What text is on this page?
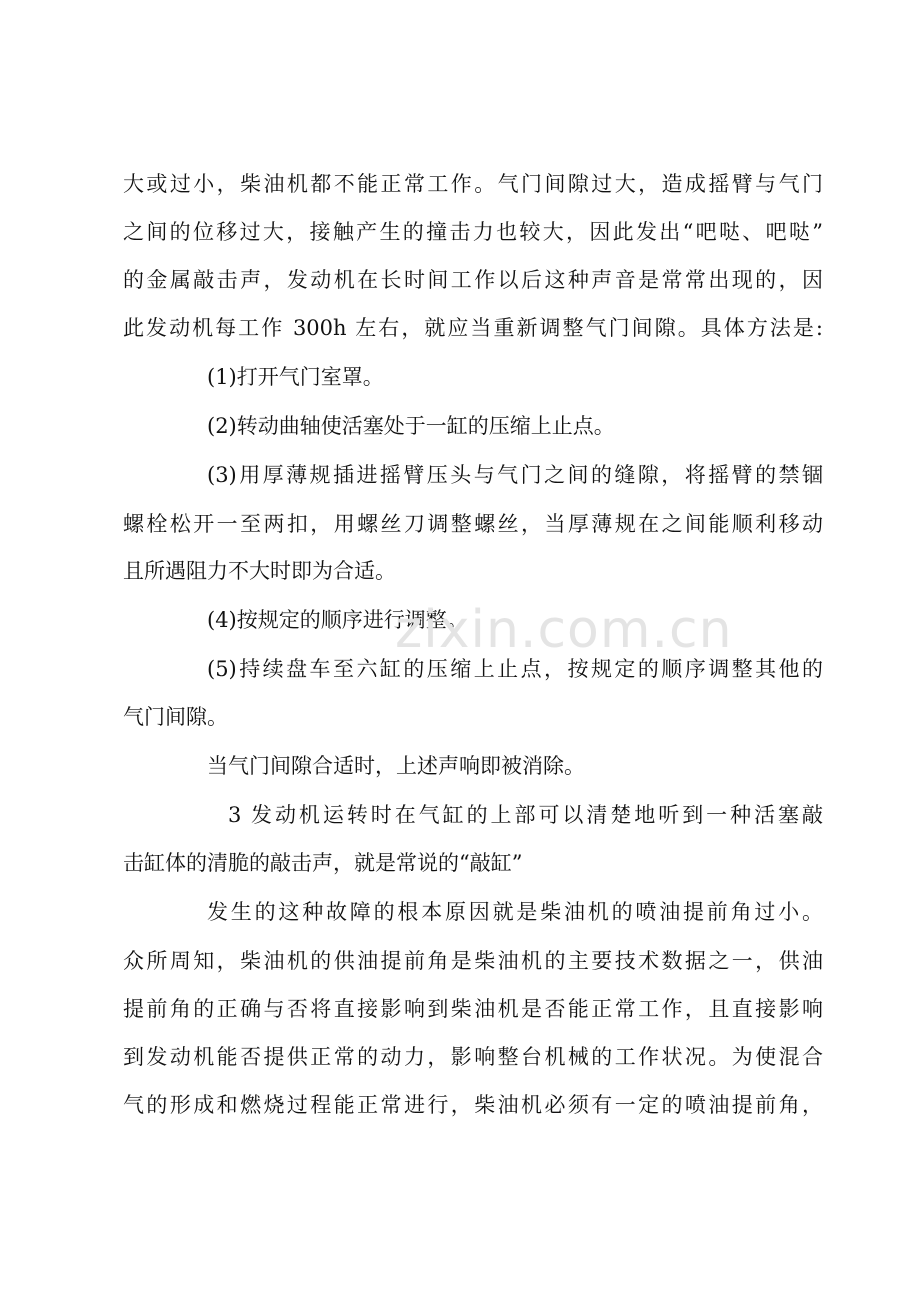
大或过小，柴油机都不能正常工作。气门间隙过大，造成摇臂与气门
之间的位移过大，接触产生的撞击力也较大，因此发出“吧哒、吧哒”
的金属敲击声，发动机在长时间工作以后这种声音是常常出现的，因
此发动机每工作 300h 左右，就应当重新调整气门间隙。具体方法是:
(1)打开气门室罩。
(2)转动曲轴使活塞处于一缸的压缩上止点。
(3)用厚薄规插进摇臂压头与气门之间的缝隙，将摇臂的禁锢
螺栓松开一至两扣，用螺丝刀调整螺丝，当厚薄规在之间能顺利移动
且所遇阻力不大时即为合适。
(4)按规定的顺序进行调整。
(5)持续盘车至六缸的压缩上止点，按规定的顺序调整其他的
气门间隙。
当气门间隙合适时，上述声响即被消除。
3 发动机运转时在气缸的上部可以清楚地听到一种活塞敲
击缸体的清脆的敲击声，就是常说的“敲缸”
发生的这种故障的根本原因就是柴油机的喷油提前角过小。
众所周知，柴油机的供油提前角是柴油机的主要技术数据之一，供油
提前角的正确与否将直接影响到柴油机是否能正常工作，且直接影响
到发动机能否提供正常的动力，影响整台机械的工作状况。为使混合
气的形成和燃烧过程能正常进行，柴油机必须有一定的喷油提前角，
zixin.com.cn
